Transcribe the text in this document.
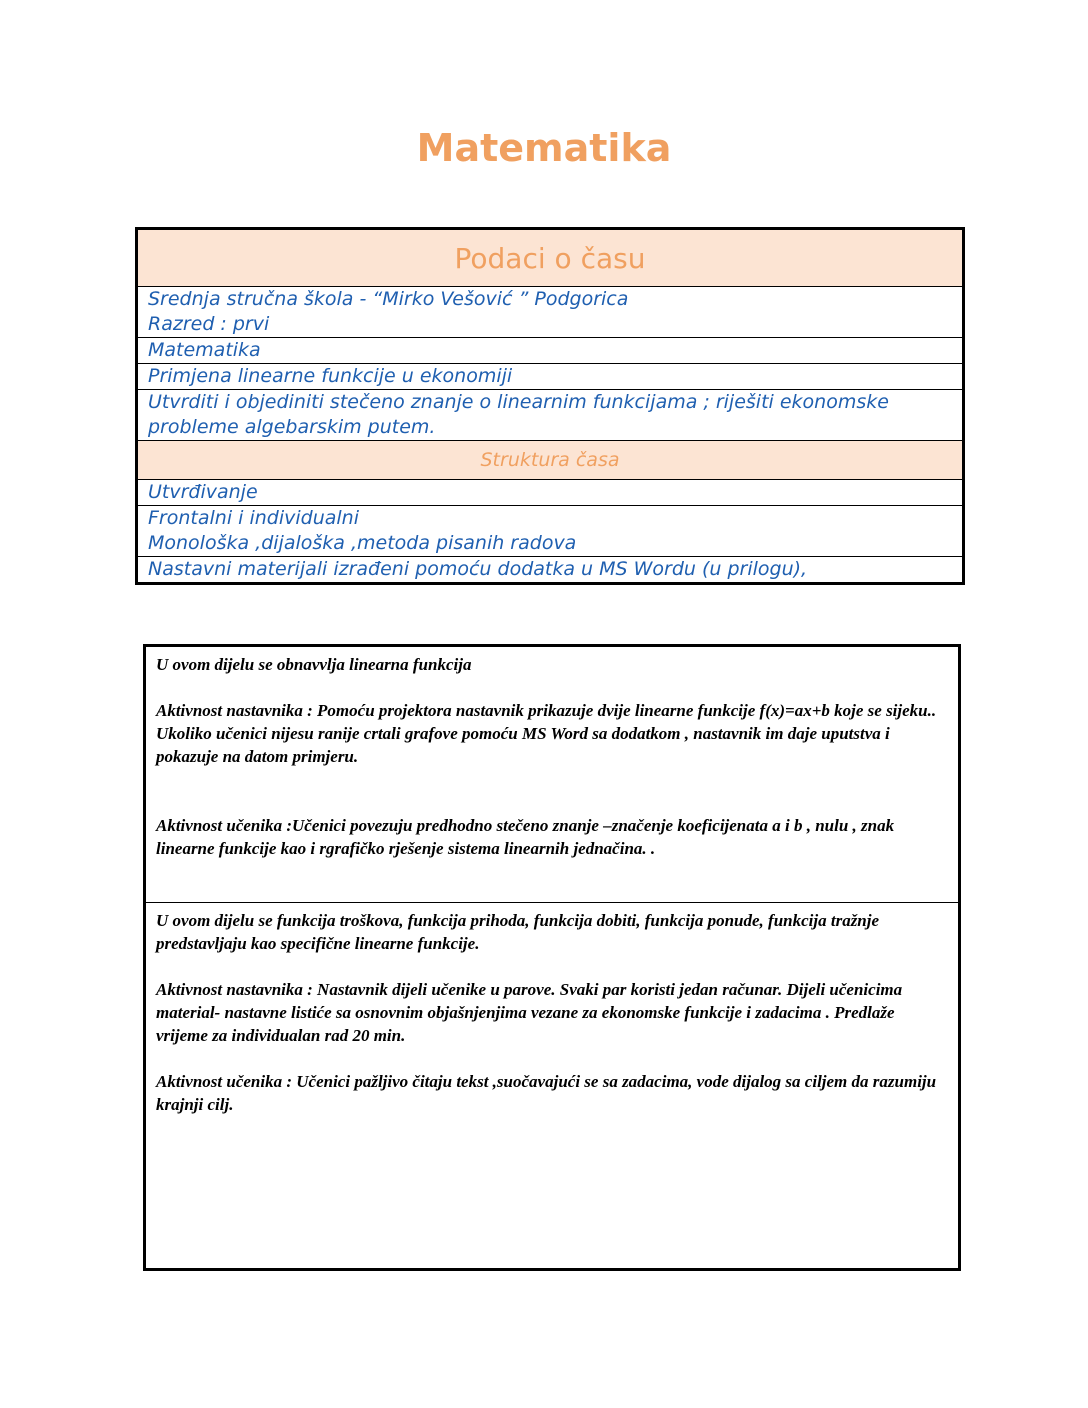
Matematika
Podaci o času

Srednja stručna škola - “Mirko Vešović ” Podgorica
Razred : prvi

Matematika
Primjena linearne funkcije u ekonomiji
Utvrditi i objediniti stečeno znanje o linearnim funkcijama ; riješiti ekonomske probleme algebarskim putem.
Struktura časa
Utvrđivanje

Frontalni i individualni
Monološka ,dijaloška ,metoda pisanih radova

Nastavni materijali izrađeni pomoću dodatka u MS Wordu (u prilogu),

U ovom dijelu se obnavvlja linearna funkcija

Aktivnost nastavnika : Pomoću projektora nastavnik prikazuje dvije linearne funkcije f(x)=ax+b koje se sijeku.. Ukoliko učenici nijesu ranije crtali grafove pomoću MS Word sa dodatkom , nastavnik im daje uputstva i pokazuje na datom primjeru.

Aktivnost učenika :Učenici povezuju predhodno stečeno znanje –značenje koeficijenata a i b , nulu , znak linearne funkcije kao i rgrafičko rješenje sistema linearnih jednačina. .

U ovom dijelu se funkcija troškova, funkcija prihoda, funkcija dobiti, funkcija ponude, funkcija tražnje predstavljaju kao specifične linearne funkcije.

Aktivnost nastavnika : Nastavnik dijeli učenike u parove. Svaki par koristi jedan računar. Dijeli učenicima material- nastavne listiće sa osnovnim objašnjenjima vezane za ekonomske funkcije i zadacima . Predlaže vrijeme za individualan rad 20 min.

Aktivnost učenika : Učenici pažljivo čitaju tekst ,suočavajući se sa zadacima, vode dijalog sa ciljem da razumiju krajnji cilj.
